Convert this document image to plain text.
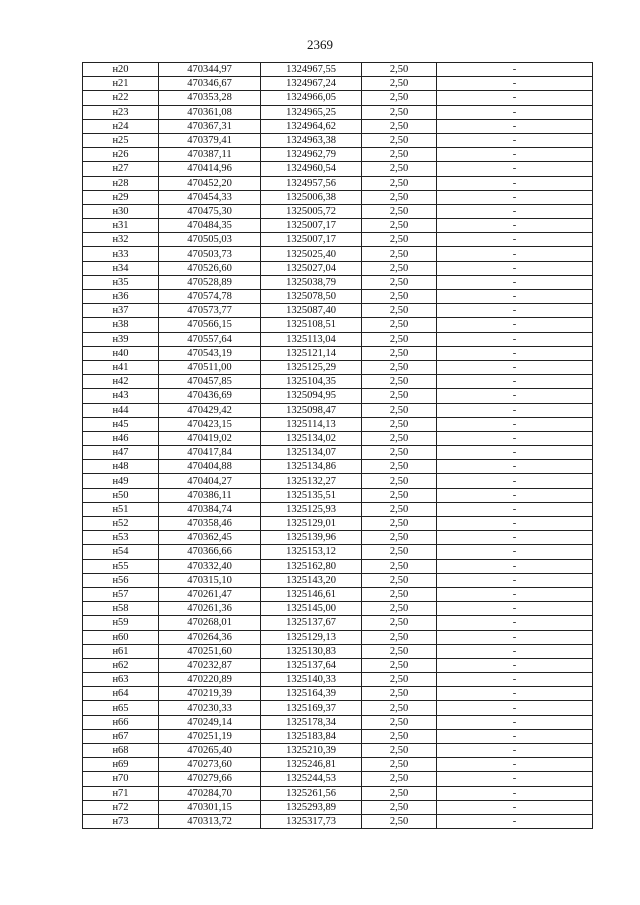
2369
н20	470344,97	1324967,55	2,50	-
н21	470346,67	1324967,24	2,50	-
н22	470353,28	1324966,05	2,50	-
н23	470361,08	1324965,25	2,50	-
н24	470367,31	1324964,62	2,50	-
н25	470379,41	1324963,38	2,50	-
н26	470387,11	1324962,79	2,50	-
н27	470414,96	1324960,54	2,50	-
н28	470452,20	1324957,56	2,50	-
н29	470454,33	1325006,38	2,50	-
н30	470475,30	1325005,72	2,50	-
н31	470484,35	1325007,17	2,50	-
н32	470505,03	1325007,17	2,50	-
н33	470503,73	1325025,40	2,50	-
н34	470526,60	1325027,04	2,50	-
н35	470528,89	1325038,79	2,50	-
н36	470574,78	1325078,50	2,50	-
н37	470573,77	1325087,40	2,50	-
н38	470566,15	1325108,51	2,50	-
н39	470557,64	1325113,04	2,50	-
н40	470543,19	1325121,14	2,50	-
н41	470511,00	1325125,29	2,50	-
н42	470457,85	1325104,35	2,50	-
н43	470436,69	1325094,95	2,50	-
н44	470429,42	1325098,47	2,50	-
н45	470423,15	1325114,13	2,50	-
н46	470419,02	1325134,02	2,50	-
н47	470417,84	1325134,07	2,50	-
н48	470404,88	1325134,86	2,50	-
н49	470404,27	1325132,27	2,50	-
н50	470386,11	1325135,51	2,50	-
н51	470384,74	1325125,93	2,50	-
н52	470358,46	1325129,01	2,50	-
н53	470362,45	1325139,96	2,50	-
н54	470366,66	1325153,12	2,50	-
н55	470332,40	1325162,80	2,50	-
н56	470315,10	1325143,20	2,50	-
н57	470261,47	1325146,61	2,50	-
н58	470261,36	1325145,00	2,50	-
н59	470268,01	1325137,67	2,50	-
н60	470264,36	1325129,13	2,50	-
н61	470251,60	1325130,83	2,50	-
н62	470232,87	1325137,64	2,50	-
н63	470220,89	1325140,33	2,50	-
н64	470219,39	1325164,39	2,50	-
н65	470230,33	1325169,37	2,50	-
н66	470249,14	1325178,34	2,50	-
н67	470251,19	1325183,84	2,50	-
н68	470265,40	1325210,39	2,50	-
н69	470273,60	1325246,81	2,50	-
н70	470279,66	1325244,53	2,50	-
н71	470284,70	1325261,56	2,50	-
н72	470301,15	1325293,89	2,50	-
н73	470313,72	1325317,73	2,50	-
